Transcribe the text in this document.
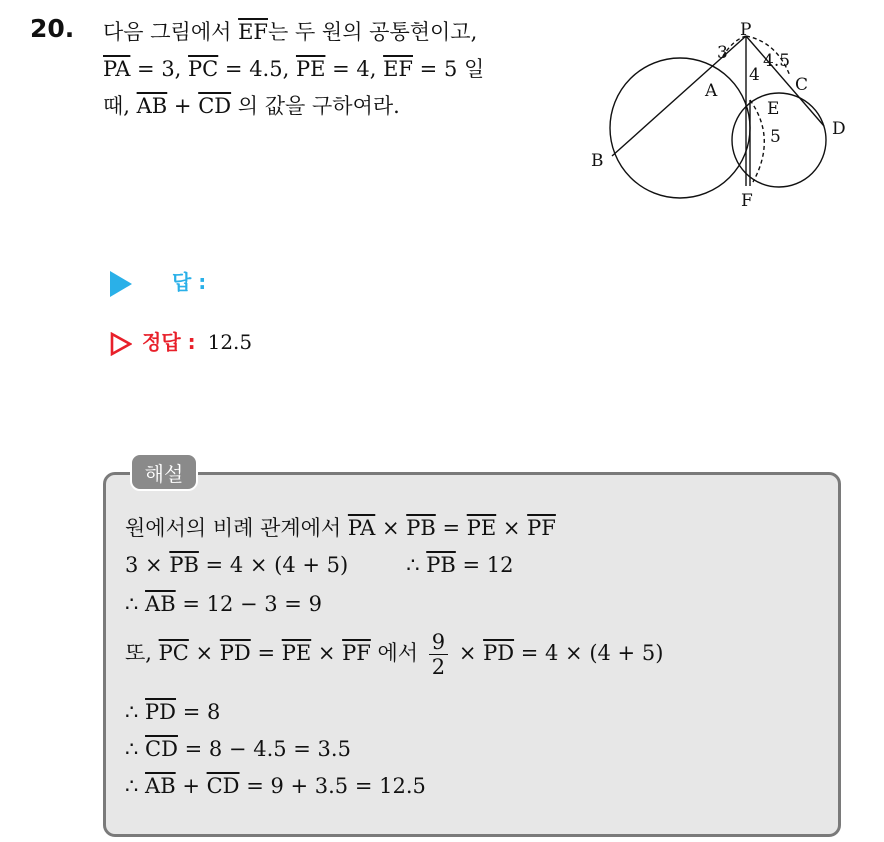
20. 다음 그림에서 $\overline{EF}$는 두 원의 공통현이고,
$\overline{PA} = 3$, $\overline{PC} = 4.5$, $\overline{PE} = 4$, $\overline{EF} = 5$ 일
때, $\overline{AB} + \overline{CD}$ 의 값을 구하여라.
P
A
B
C
D
E
F
3 4.5
4
5
답 :
정답 : 12.5
해설
원에서의 비례 관계에서 $\overline{PA} \times \overline{PB} = \overline{PE} \times \overline{PF}$
$3 \times \overline{PB} = 4 \times (4 + 5)$	∴ $\overline{PB} = 12$
∴ $\overline{AB} = 12 - 3 = 9$
또, $\overline{PC} \times \overline{PD} = \overline{PE} \times \overline{PF}$ 에서 $\frac{9}{2} \times \overline{PD} = 4 \times (4 + 5)$
∴ $\overline{PD} = 8$
∴ $\overline{CD} = 8 - 4.5 = 3.5$
∴ $\overline{AB} + \overline{CD} = 9 + 3.5 = 12.5$
